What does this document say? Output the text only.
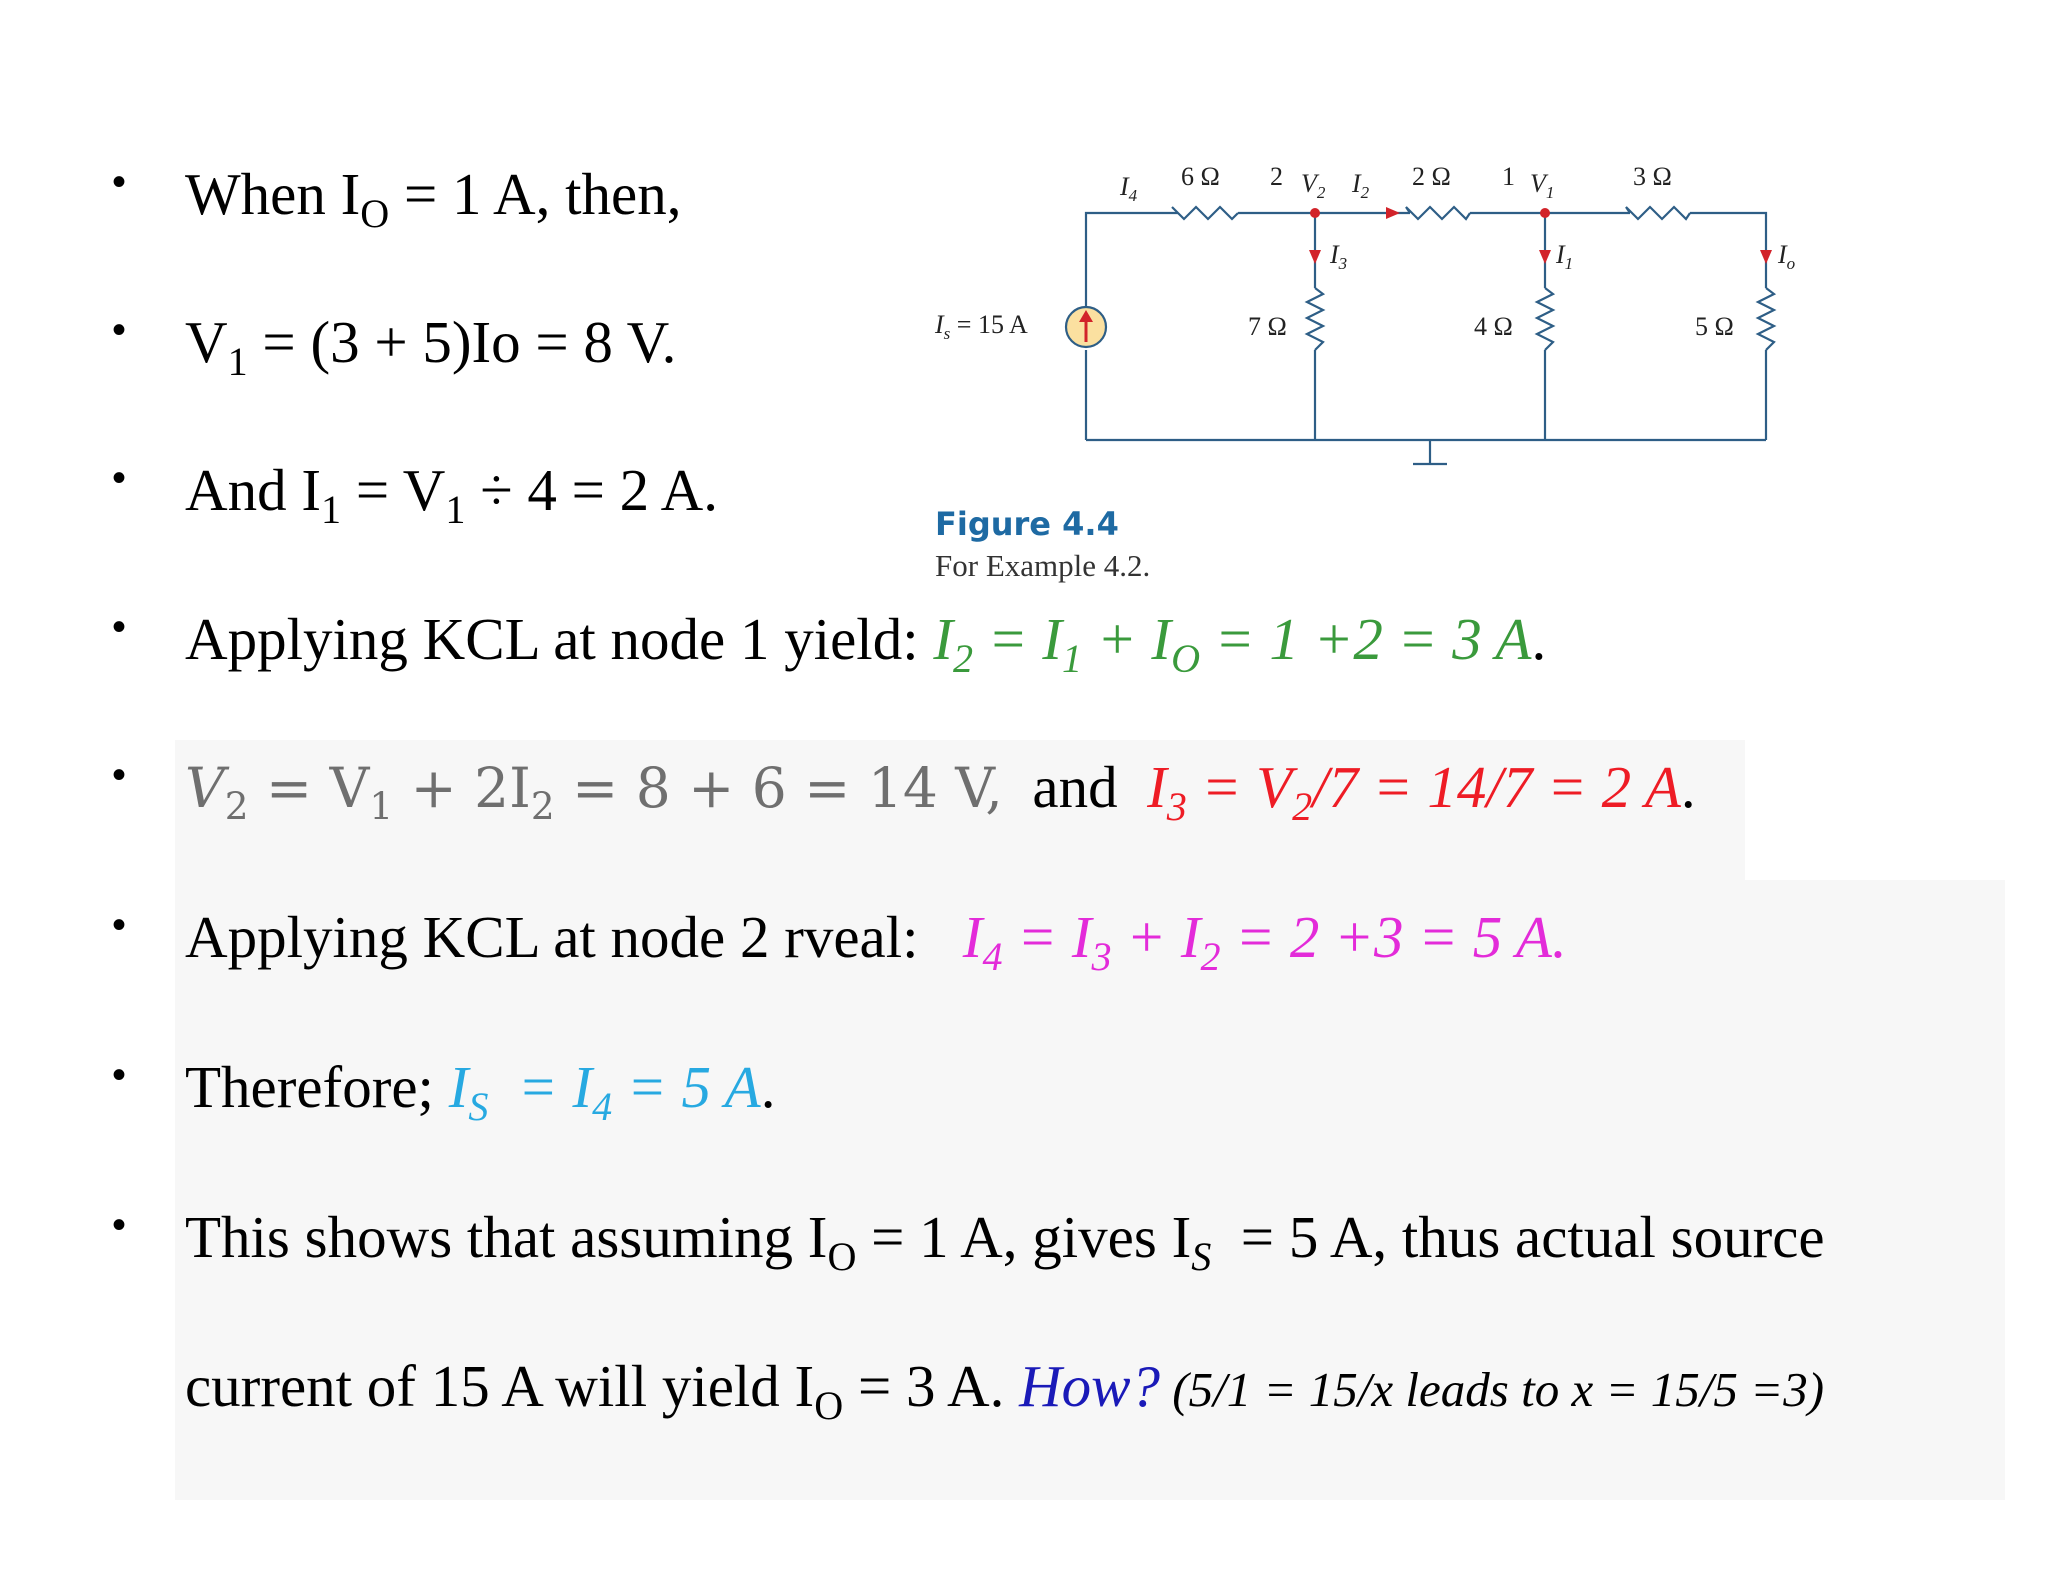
• When $I_O = 1$ A, then,
• $V_1 = (3 + 5)Io = 8$ V.
• And $I_1 = V_1 \div 4 = 2$ A.
• Applying KCL at node 1 yield: $I_2 = I_1 + I_O = 1 +2 = 3$ A.
• $V_2 = V_1 + 2I_2 = 8 + 6 = 14$ V,  and  $I_3 = V_2/7 = 14/7 = 2$ A.
• Applying KCL at node 2 rveal:   $I_4 = I_3 + I_2 = 2 +3 = 5$ A.
• Therefore; $I_S = I_4 = 5$ A.
• This shows that assuming $I_O = 1$ A, gives $I_S = 5$ A, thus actual source
current of 15 A will yield $I_O = 3$ A. How? (5/1 = 15/x leads to x = 15/5 =3)
$I_4$
6 Ω 2 $V_2$ $I_2$
2 Ω 1 $V_1$
3 Ω
$I_3$	$I_1$	$I_o$
$I_s = 15$ A	7 Ω	4 Ω	5 Ω
Figure 4.4
For Example 4.2.
